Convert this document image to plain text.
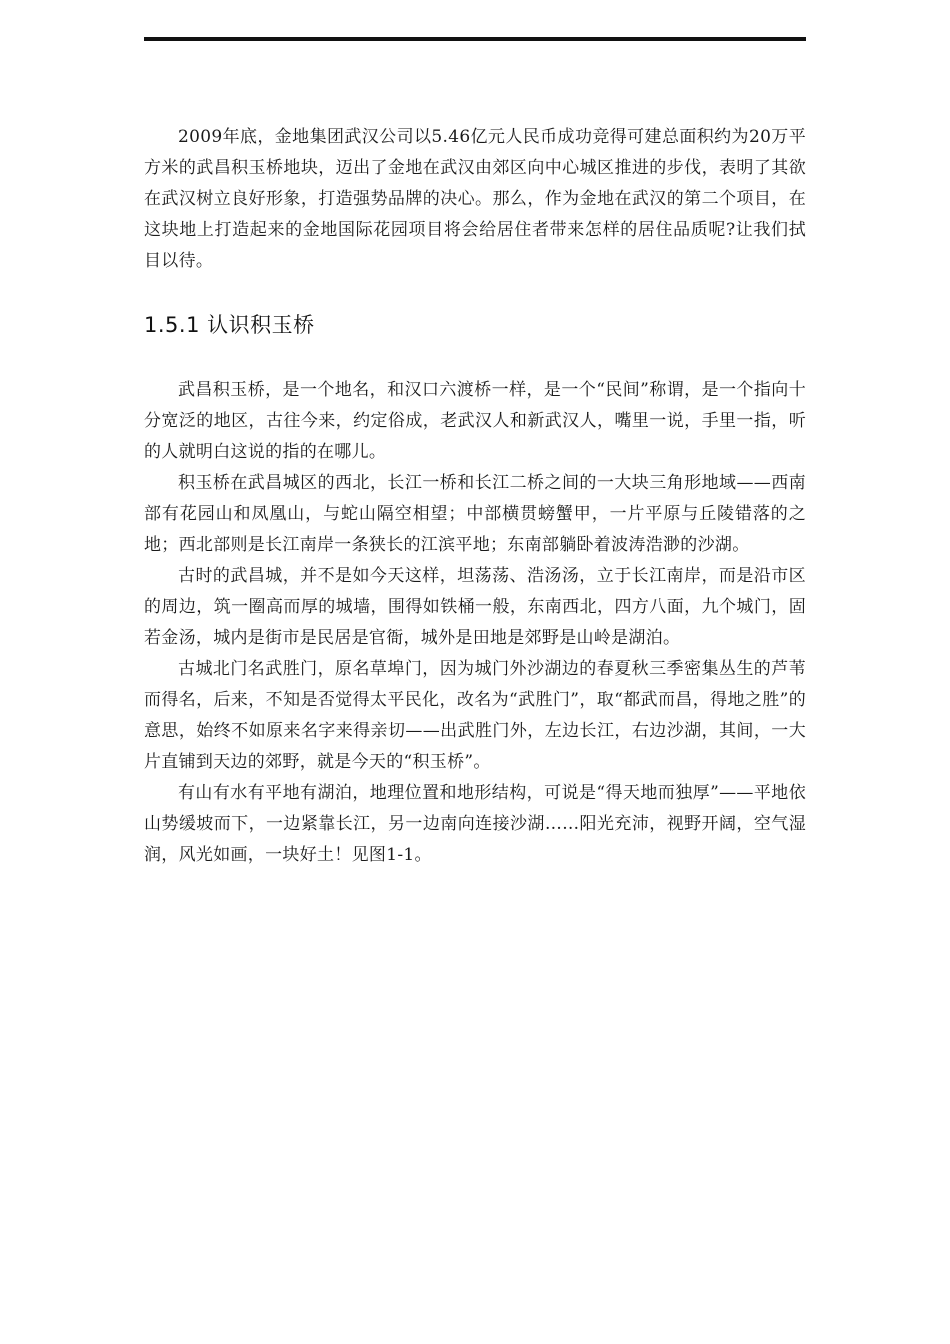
2009年底，金地集团武汉公司以5.46亿元人民币成功竞得可建总面积约为20万平方米的武昌积玉桥地块，迈出了金地在武汉由郊区向中心城区推进的步伐，表明了其欲在武汉树立良好形象，打造强势品牌的决心。那么，作为金地在武汉的第二个项目，在这块地上打造起来的金地国际花园项目将会给居住者带来怎样的居住品质呢?让我们拭目以待。

1.5.1 认识积玉桥

武昌积玉桥，是一个地名，和汉口六渡桥一样，是一个“民间”称谓，是一个指向十分宽泛的地区，古往今来，约定俗成，老武汉人和新武汉人，嘴里一说，手里一指，听的人就明白这说的指的在哪儿。

积玉桥在武昌城区的西北，长江一桥和长江二桥之间的一大块三角形地域——西南部有花园山和凤凰山，与蛇山隔空相望；中部横贯螃蟹甲，一片平原与丘陵错落的之地；西北部则是长江南岸一条狭长的江滨平地；东南部躺卧着波涛浩渺的沙湖。

古时的武昌城，并不是如今天这样，坦荡荡、浩汤汤，立于长江南岸，而是沿市区的周边，筑一圈高而厚的城墙，围得如铁桶一般，东南西北，四方八面，九个城门，固若金汤，城内是街市是民居是官衙，城外是田地是郊野是山岭是湖泊。

古城北门名武胜门，原名草埠门，因为城门外沙湖边的春夏秋三季密集丛生的芦苇而得名，后来，不知是否觉得太平民化，改名为“武胜门”，取“都武而昌，得地之胜”的意思，始终不如原来名字来得亲切——出武胜门外，左边长江，右边沙湖，其间，一大片直铺到天边的郊野，就是今天的“积玉桥”。

有山有水有平地有湖泊，地理位置和地形结构，可说是“得天地而独厚”——平地依山势缓坡而下，一边紧靠长江，另一边南向连接沙湖……阳光充沛，视野开阔，空气湿润，风光如画，一块好土！见图1-1。
